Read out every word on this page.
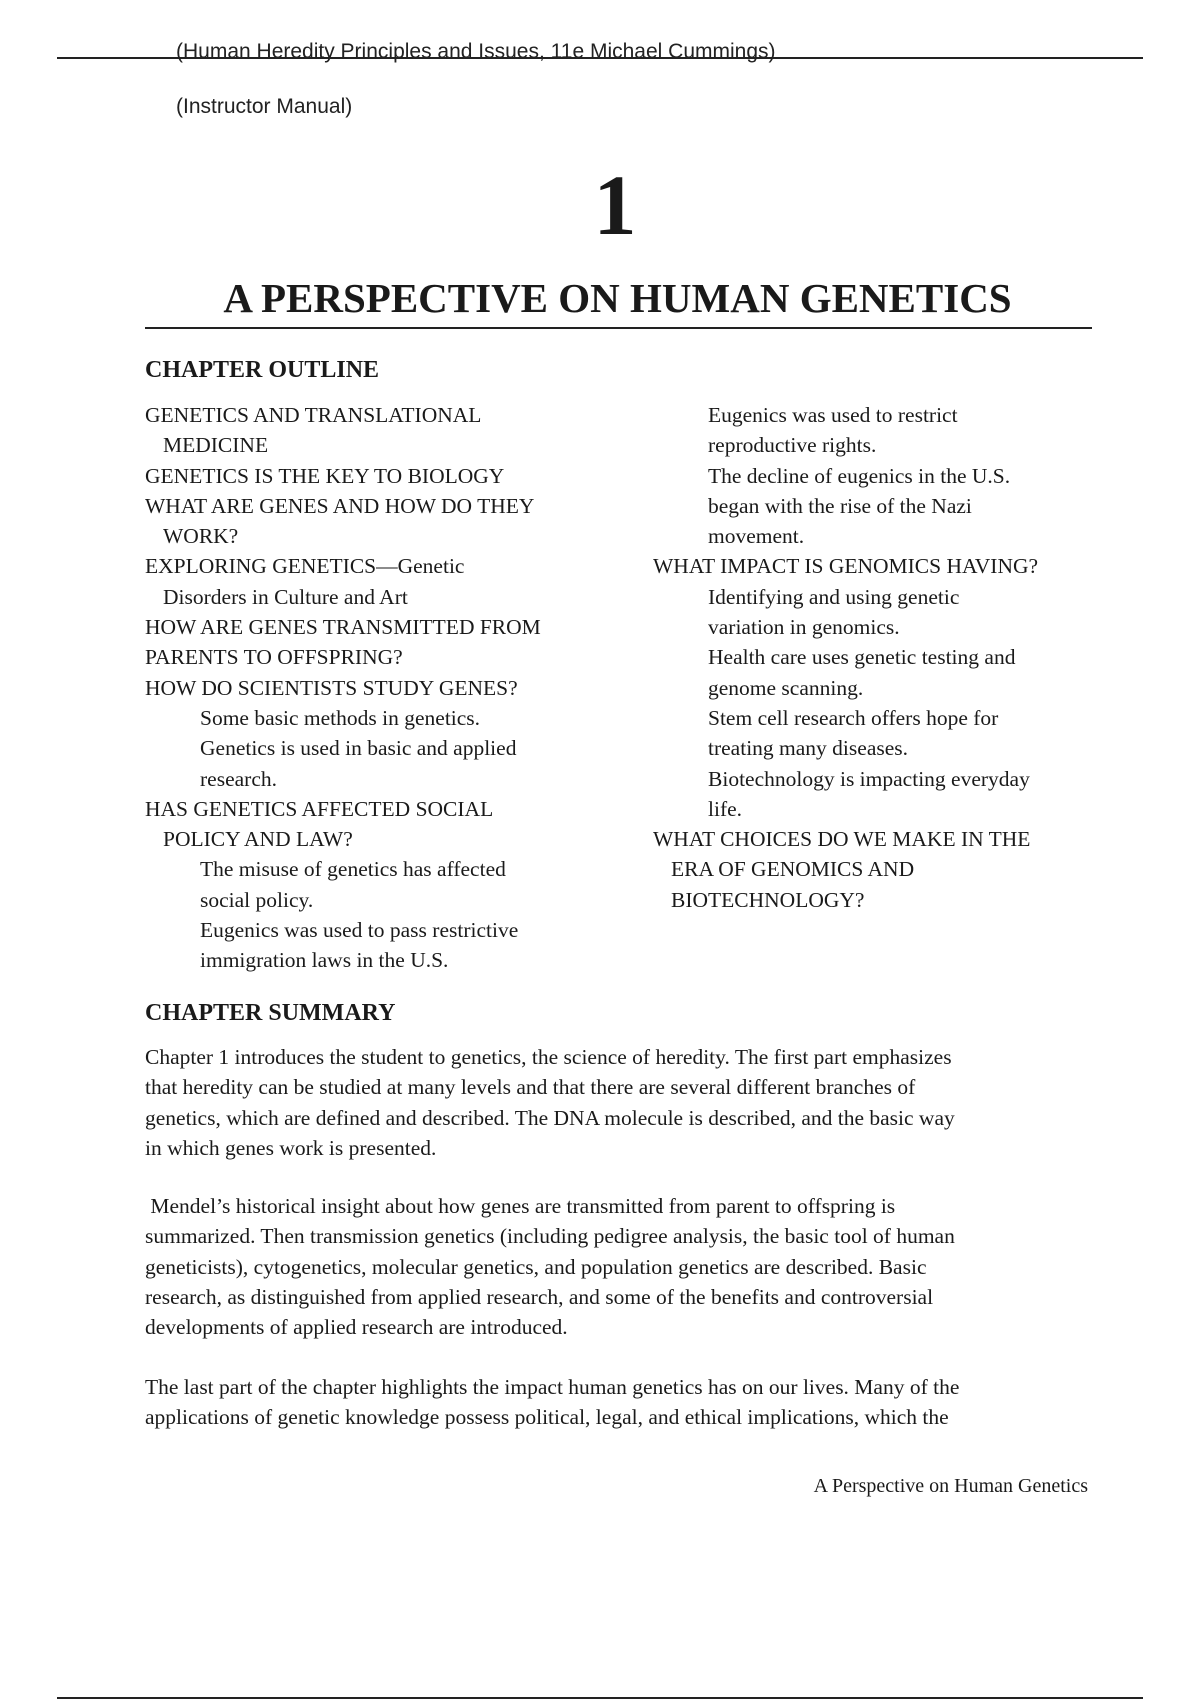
(Human Heredity Principles and Issues, 11e Michael Cummings)
(Instructor Manual)
1
A PERSPECTIVE ON HUMAN GENETICS
CHAPTER OUTLINE
GENETICS AND TRANSLATIONAL
MEDICINE
GENETICS IS THE KEY TO BIOLOGY
WHAT ARE GENES AND HOW DO THEY
WORK?
EXPLORING GENETICS—Genetic
Disorders in Culture and Art
HOW ARE GENES TRANSMITTED FROM
PARENTS TO OFFSPRING?
HOW DO SCIENTISTS STUDY GENES?
Some basic methods in genetics.
Genetics is used in basic and applied
research.
HAS GENETICS AFFECTED SOCIAL
POLICY AND LAW?
The misuse of genetics has affected
social policy.
Eugenics was used to pass restrictive
immigration laws in the U.S.
Eugenics was used to restrict
reproductive rights.
The decline of eugenics in the U.S.
began with the rise of the Nazi
movement.
WHAT IMPACT IS GENOMICS HAVING?
Identifying and using genetic
variation in genomics.
Health care uses genetic testing and
genome scanning.
Stem cell research offers hope for
treating many diseases.
Biotechnology is impacting everyday
life.
WHAT CHOICES DO WE MAKE IN THE
ERA OF GENOMICS AND
BIOTECHNOLOGY?
CHAPTER SUMMARY
Chapter 1 introduces the student to genetics, the science of heredity. The first part emphasizes
that heredity can be studied at many levels and that there are several different branches of
genetics, which are defined and described. The DNA molecule is described, and the basic way
in which genes work is presented.
Mendel’s historical insight about how genes are transmitted from parent to offspring is
summarized. Then transmission genetics (including pedigree analysis, the basic tool of human
geneticists), cytogenetics, molecular genetics, and population genetics are described. Basic
research, as distinguished from applied research, and some of the benefits and controversial
developments of applied research are introduced.
The last part of the chapter highlights the impact human genetics has on our lives. Many of the
applications of genetic knowledge possess political, legal, and ethical implications, which the
A Perspective on Human Genetics
